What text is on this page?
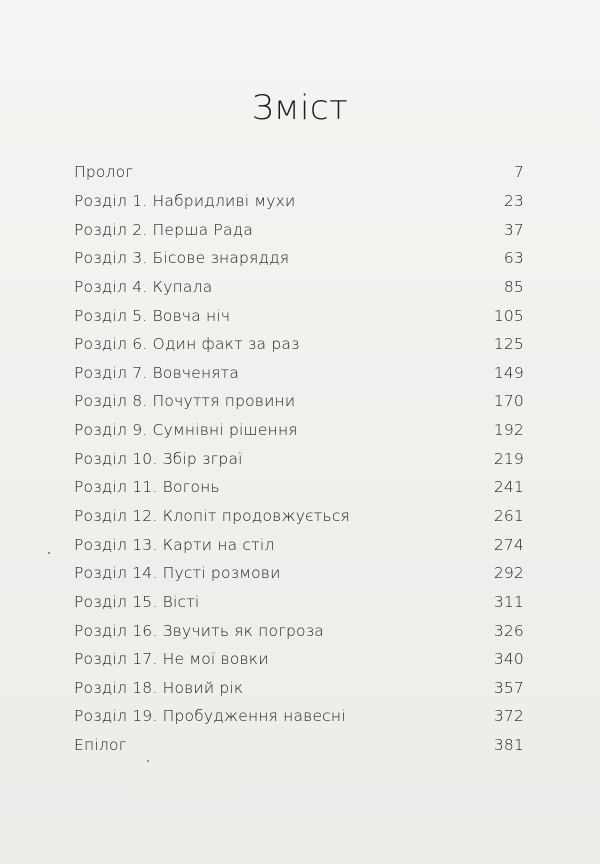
Зміст
Пролог	7
Розділ 1. Набридливі мухи	23
Розділ 2. Перша Рада	37
Розділ 3. Бісове знаряддя	63
Розділ 4. Купала	85
Розділ 5. Вовча ніч	105
Розділ 6. Один факт за раз	125
Розділ 7. Вовченята	149
Розділ 8. Почуття провини	170
Розділ 9. Сумнівні рішення	192
Розділ 10. Збір зграї	219
Розділ 11. Вогонь	241
Розділ 12. Клопіт продовжується	261
Розділ 13. Карти на стіл	274
Розділ 14. Пусті розмови	292
Розділ 15. Вісті	311
Розділ 16. Звучить як погроза	326
Розділ 17. Не мої вовки	340
Розділ 18. Новий рік	357
Розділ 19. Пробудження навесні	372
Епілог	381
